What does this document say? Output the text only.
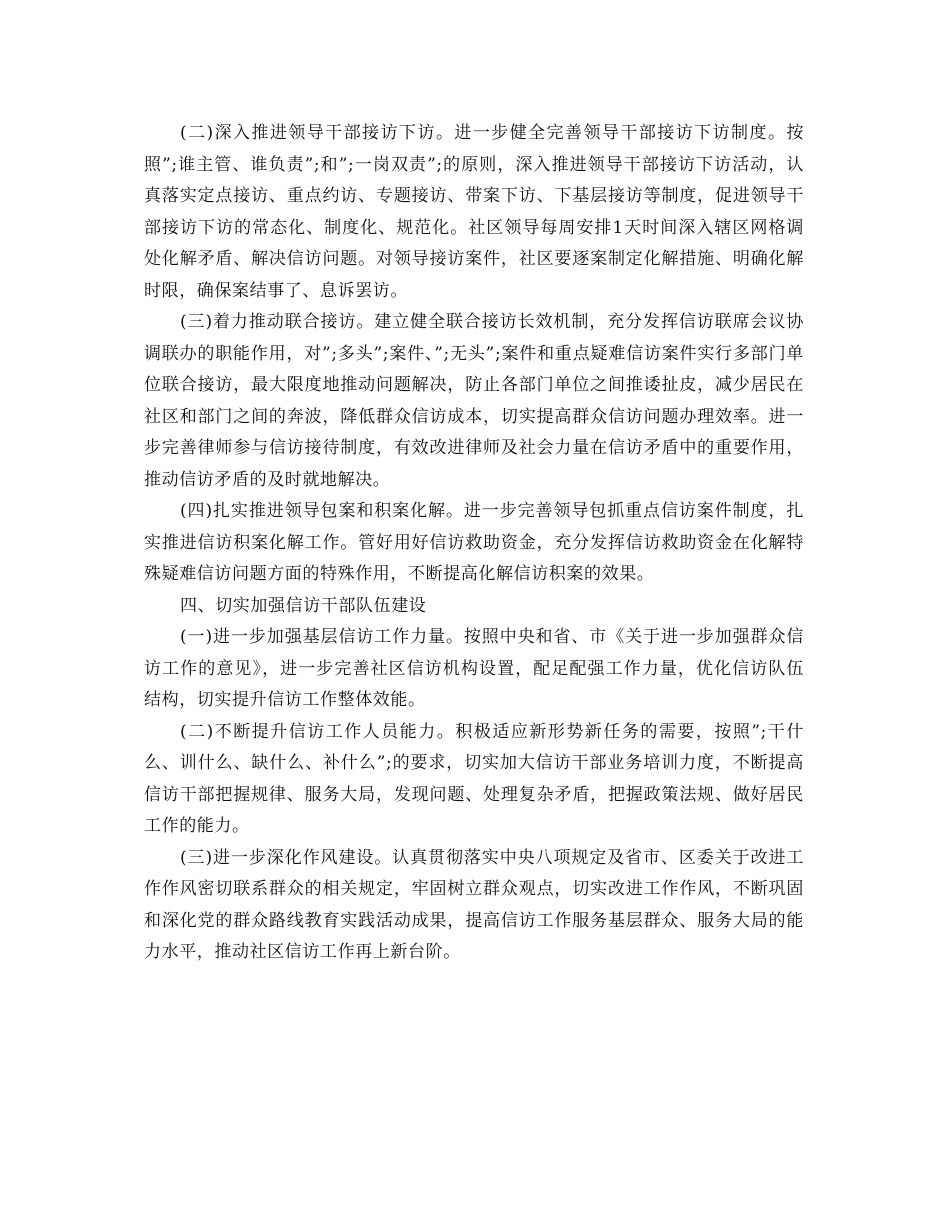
(二)深入推进领导干部接访下访。进一步健全完善领导干部接访下访制度。按照”;谁主管、谁负责”;和”;一岗双责”;的原则，深入推进领导干部接访下访活动，认真落实定点接访、重点约访、专题接访、带案下访、下基层接访等制度，促进领导干部接访下访的常态化、制度化、规范化。社区领导每周安排1天时间深入辖区网格调处化解矛盾、解决信访问题。对领导接访案件，社区要逐案制定化解措施、明确化解时限，确保案结事了、息诉罢访。

(三)着力推动联合接访。建立健全联合接访长效机制，充分发挥信访联席会议协调联办的职能作用，对”;多头”;案件、”;无头”;案件和重点疑难信访案件实行多部门单位联合接访，最大限度地推动问题解决，防止各部门单位之间推诿扯皮，减少居民在社区和部门之间的奔波，降低群众信访成本，切实提高群众信访问题办理效率。进一步完善律师参与信访接待制度，有效改进律师及社会力量在信访矛盾中的重要作用，推动信访矛盾的及时就地解决。

(四)扎实推进领导包案和积案化解。进一步完善领导包抓重点信访案件制度，扎实推进信访积案化解工作。管好用好信访救助资金，充分发挥信访救助资金在化解特殊疑难信访问题方面的特殊作用，不断提高化解信访积案的效果。

四、切实加强信访干部队伍建设

(一)进一步加强基层信访工作力量。按照中央和省、市《关于进一步加强群众信访工作的意见》，进一步完善社区信访机构设置，配足配强工作力量，优化信访队伍结构，切实提升信访工作整体效能。

(二)不断提升信访工作人员能力。积极适应新形势新任务的需要，按照”;干什么、训什么、缺什么、补什么”;的要求，切实加大信访干部业务培训力度，不断提高信访干部把握规律、服务大局，发现问题、处理复杂矛盾，把握政策法规、做好居民工作的能力。

(三)进一步深化作风建设。认真贯彻落实中央八项规定及省市、区委关于改进工作作风密切联系群众的相关规定，牢固树立群众观点，切实改进工作作风，不断巩固和深化党的群众路线教育实践活动成果，提高信访工作服务基层群众、服务大局的能力水平，推动社区信访工作再上新台阶。
